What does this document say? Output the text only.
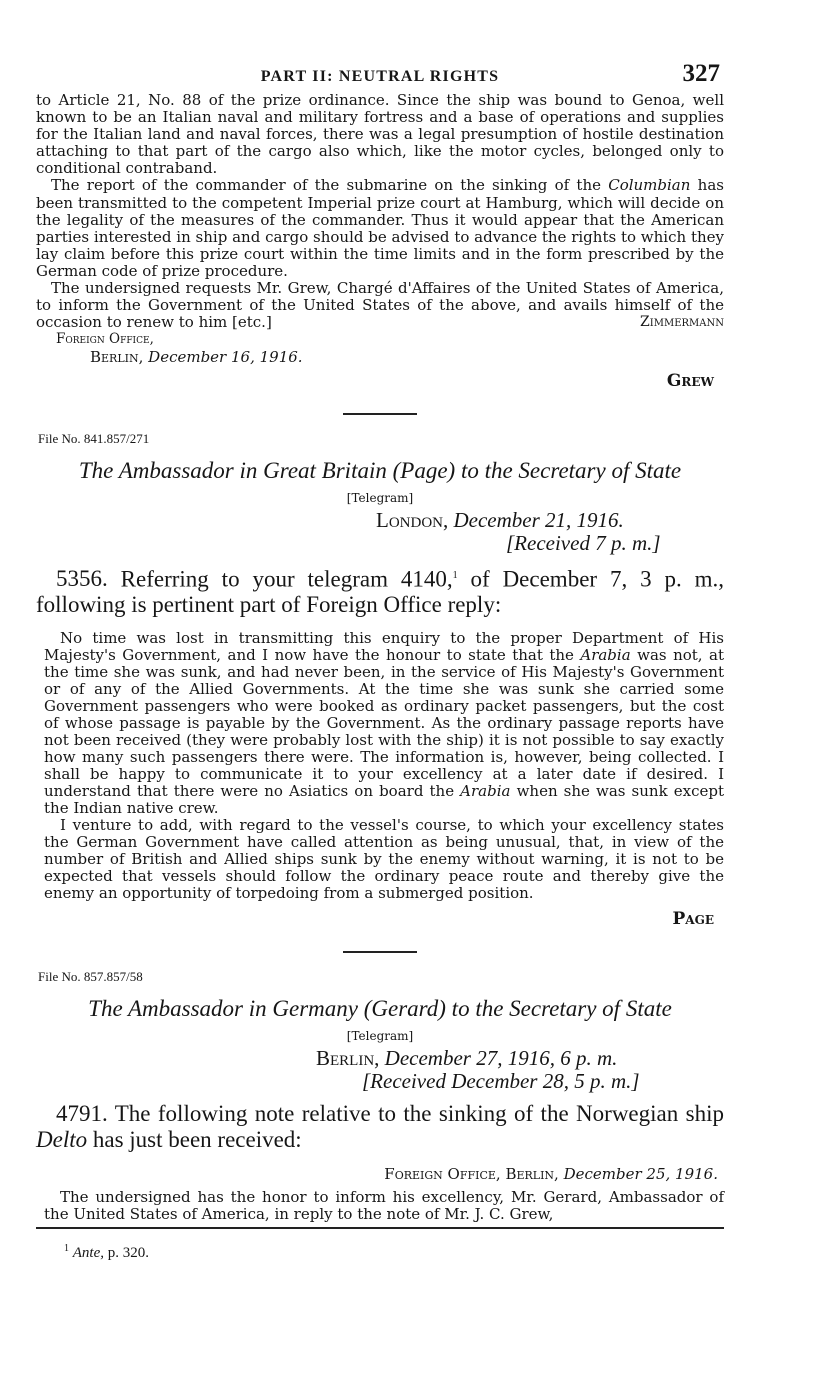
PART II: NEUTRAL RIGHTS	327

to Article 21, No. 88 of the prize ordinance. Since the ship was bound to Genoa, well known to be an Italian naval and military fortress and a base of operations and supplies for the Italian land and naval forces, there was a legal presumption of hostile destination attaching to that part of the cargo also which, like the motor cycles, belonged only to conditional contraband.

The report of the commander of the submarine on the sinking of the Columbian has been transmitted to the competent Imperial prize court at Hamburg, which will decide on the legality of the measures of the commander. Thus it would appear that the American parties interested in ship and cargo should be advised to advance the rights to which they lay claim before this prize court within the time limits and in the form prescribed by the German code of prize procedure.

The undersigned requests Mr. Grew, Chargé d'Affaires of the United States of America, to inform the Government of the United States of the above, and avails himself of the occasion to renew to him [etc.]	Zimmermann
Foreign Office,
Berlin, December 16, 1916.
Grew
File No. 841.857/271
The Ambassador in Great Britain (Page) to the Secretary of State
[Telegram]
London, December 21, 1916.
[Received 7 p. m.]
5356. Referring to your telegram 4140,$^1$ of December 7, 3 p. m., following is pertinent part of Foreign Office reply:

No time was lost in transmitting this enquiry to the proper Department of His Majesty's Government, and I now have the honour to state that the Arabia was not, at the time she was sunk, and had never been, in the service of His Majesty's Government or of any of the Allied Governments. At the time she was sunk she carried some Government passengers who were booked as ordinary packet passengers, but the cost of whose passage is payable by the Government. As the ordinary passage reports have not been received (they were probably lost with the ship) it is not possible to say exactly how many such passengers there were. The information is, however, being collected. I shall be happy to communicate it to your excellency at a later date if desired. I understand that there were no Asiatics on board the Arabia when she was sunk except the Indian native crew.

I venture to add, with regard to the vessel's course, to which your excellency states the German Government have called attention as being unusual, that, in view of the number of British and Allied ships sunk by the enemy without warning, it is not to be expected that vessels should follow the ordinary peace route and thereby give the enemy an opportunity of torpedoing from a submerged position.

Page
File No. 857.857/58
The Ambassador in Germany (Gerard) to the Secretary of State
[Telegram]
Berlin, December 27, 1916, 6 p. m.
[Received December 28, 5 p. m.]
4791. The following note relative to the sinking of the Norwegian ship Delto has just been received:
Foreign Office, Berlin, December 25, 1916.

The undersigned has the honor to inform his excellency, Mr. Gerard, Ambassador of the United States of America, in reply to the note of Mr. J. C. Grew,

$^1$ Ante, p. 320.
